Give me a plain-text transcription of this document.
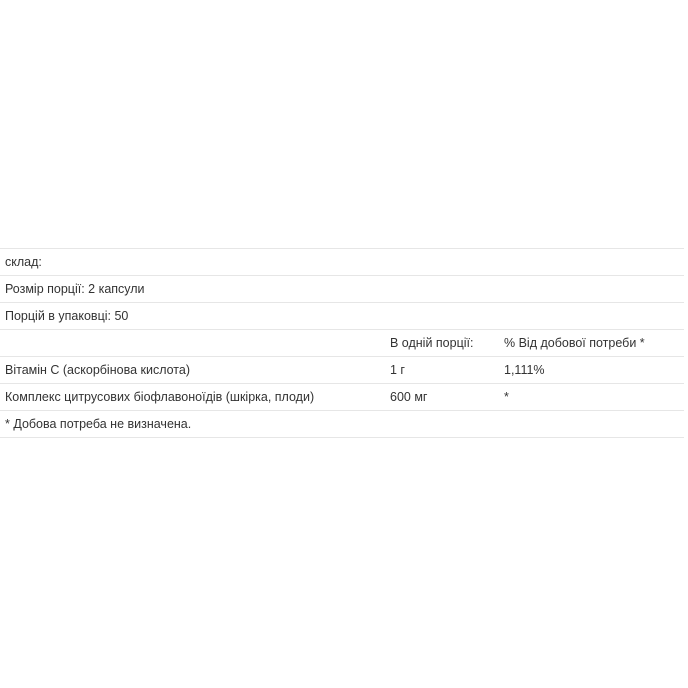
склад:		
Розмір порції: 2 капсули		
Порцій в упаковці: 50		
	В одній порції:	% Від добової потреби *
Вітамін C (аскорбінова кислота)	1 г	1,111%
Комплекс цитрусових біофлавоноїдів (шкірка, плоди)	600 мг	*
* Добова потреба не визначена.		
